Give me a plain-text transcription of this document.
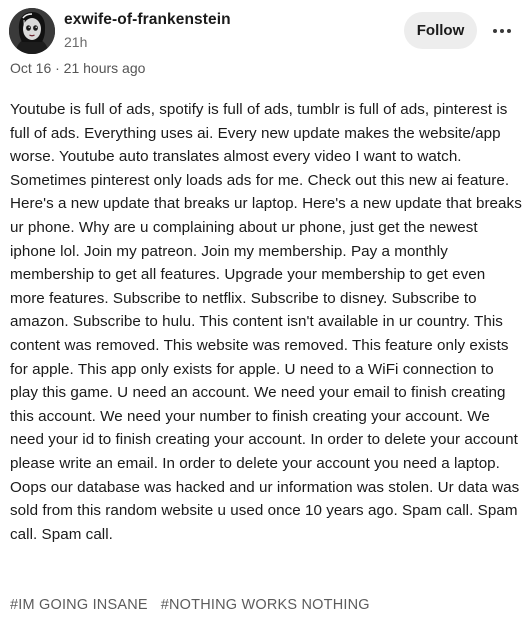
exwife-of-frankenstein
21h
Follow
Oct 16 · 21 hours ago

Youtube is full of ads, spotify is full of ads, tumblr is full of ads, pinterest is full of ads. Everything uses ai. Every new update makes the website/app worse. Youtube auto translates almost every video I want to watch. Sometimes pinterest only loads ads for me. Check out this new ai feature. Here's a new update that breaks ur laptop. Here's a new update that breaks ur phone. Why are u complaining about ur phone, just get the newest iphone lol. Join my patreon. Join my membership. Pay a monthly membership to get all features. Upgrade your membership to get even more features. Subscribe to netflix. Subscribe to disney. Subscribe to amazon. Subscribe to hulu. This content isn't available in ur country. This content was removed. This website was removed. This feature only exists for apple. This app only exists for apple. U need to a WiFi connection to play this game. U need an account. We need your email to finish creating this account. We need your number to finish creating your account. We need your id to finish creating your account. In order to delete your account please write an email. In order to delete your account you need a laptop. Oops our database was hacked and ur information was stolen. Ur data was sold from this random website u used once 10 years ago. Spam call. Spam call. Spam call.

#IM GOING INSANE #NOTHING WORKS NOTHING
